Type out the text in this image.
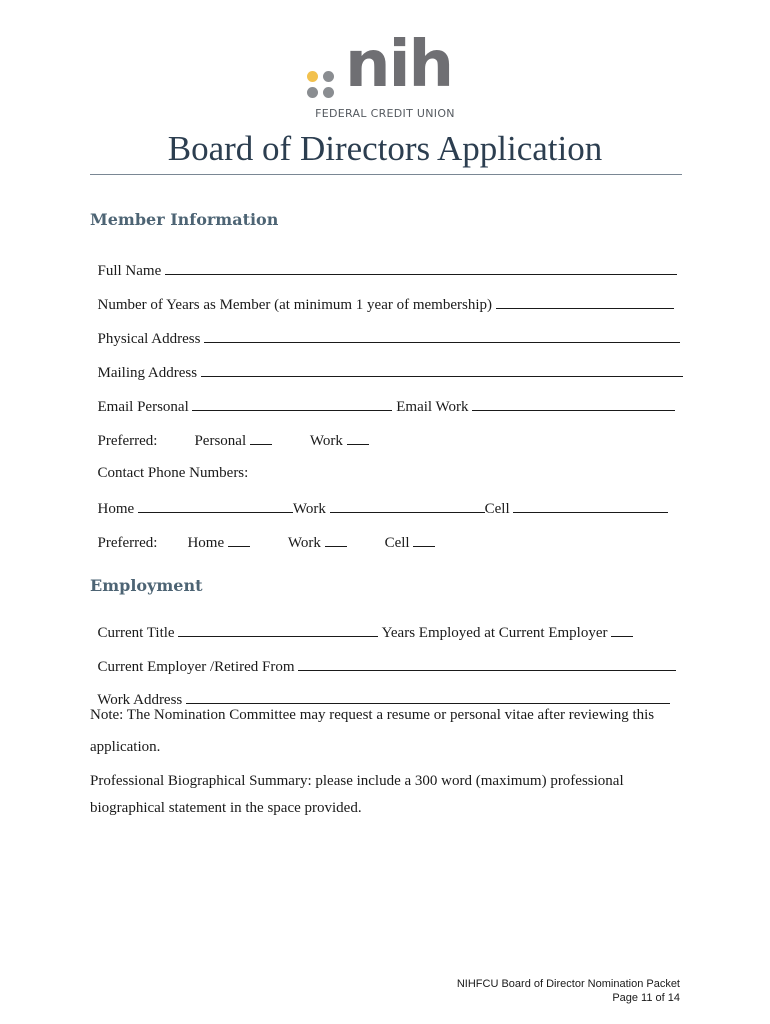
nih
FEDERAL CREDIT UNION
Board of Directors Application
Member Information

Full Name

Number of Years as Member (at minimum 1 year of membership)

Physical Address

Mailing Address

Email Personal	Email Work

Preferred: Personal	Work

Contact Phone Numbers:

Home	Work	Cell

Preferred: Home	Work	Cell

Employment

Current Title	Years Employed at Current Employer

Current Employer /Retired From

Work Address

Note: The Nomination Committee may request a resume or personal vitae after reviewing this
application.
Professional Biographical Summary: please include a 300 word (maximum) professional
biographical statement in the space provided.
NIHFCU Board of Director Nomination Packet
Page 11 of 14
